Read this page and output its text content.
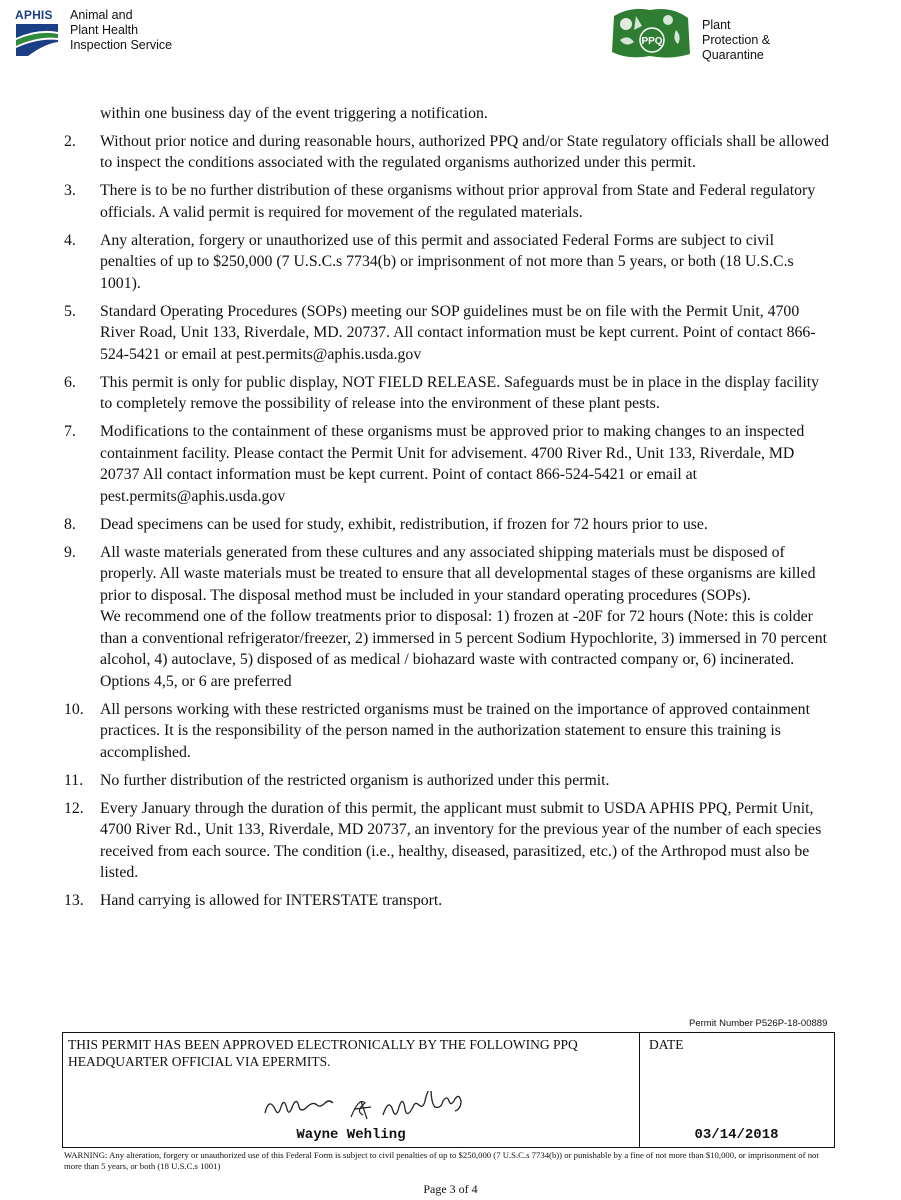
APHIS Animal and
Plant Health
Inspection Service	PPQ
Plant
Protection &
Quarantine
within one business day of the event triggering a notification.
2.	Without prior notice and during reasonable hours, authorized PPQ and/or State regulatory officials shall be allowed to inspect the conditions associated with the regulated organisms authorized under this permit.

3.	There is to be no further distribution of these organisms without prior approval from State and Federal regulatory officials. A valid permit is required for movement of the regulated materials.

4.	Any alteration, forgery or unauthorized use of this permit and associated Federal Forms are subject to civil penalties of up to $250,000 (7 U.S.C.s 7734(b) or imprisonment of not more than 5 years, or both (18 U.S.C.s 1001).

5.	Standard Operating Procedures (SOPs) meeting our SOP guidelines must be on file with the Permit Unit, 4700 River Road, Unit 133, Riverdale, MD. 20737. All contact information must be kept current. Point of contact 866-524-5421 or email at pest.permits@aphis.usda.gov

6.	This permit is only for public display, NOT FIELD RELEASE. Safeguards must be in place in the display facility to completely remove the possibility of release into the environment of these plant pests.

7.	Modifications to the containment of these organisms must be approved prior to making changes to an inspected containment facility. Please contact the Permit Unit for advisement. 4700 River Rd., Unit 133, Riverdale, MD 20737 All contact information must be kept current. Point of contact 866-524-5421 or email at pest.permits@aphis.usda.gov

8.	Dead specimens can be used for study, exhibit, redistribution, if frozen for 72 hours prior to use.

9.	All waste materials generated from these cultures and any associated shipping materials must be disposed of properly. All waste materials must be treated to ensure that all developmental stages of these organisms are killed prior to disposal. The disposal method must be included in your standard operating procedures (SOPs).

We recommend one of the follow treatments prior to disposal: 1) frozen at -20F for 72 hours (Note: this is colder than a conventional refrigerator/freezer, 2) immersed in 5 percent Sodium Hypochlorite, 3) immersed in 70 percent alcohol, 4) autoclave, 5) disposed of as medical / biohazard waste with contracted company or, 6) incinerated. Options 4,5, or 6 are preferred

10.	All persons working with these restricted organisms must be trained on the importance of approved containment practices. It is the responsibility of the person named in the authorization statement to ensure this training is accomplished.

11.	No further distribution of the restricted organism is authorized under this permit.

12.	Every January through the duration of this permit, the applicant must submit to USDA APHIS PPQ, Permit Unit, 4700 River Rd., Unit 133, Riverdale, MD 20737, an inventory for the previous year of the number of each species received from each source. The condition (i.e., healthy, diseased, parasitized, etc.) of the Arthropod must also be listed.

13.	Hand carrying is allowed for INTERSTATE transport.

Permit Number P526P-18-00889
THIS PERMIT HAS BEEN APPROVED ELECTRONICALLY BY THE FOLLOWING PPQ HEADQUARTER OFFICIAL VIA EPERMITS.
Wayne Wehling
DATE
03/14/2018
WARNING: Any alteration, forgery or unauthorized use of this Federal Form is subject to civil penalties of up to $250,000 (7 U.S.C.s 7734(b)) or punishable by a fine of not more than $10,000, or imprisonment of not more than 5 years, or both (18 U.S.C.s 1001)
Page 3 of 4
